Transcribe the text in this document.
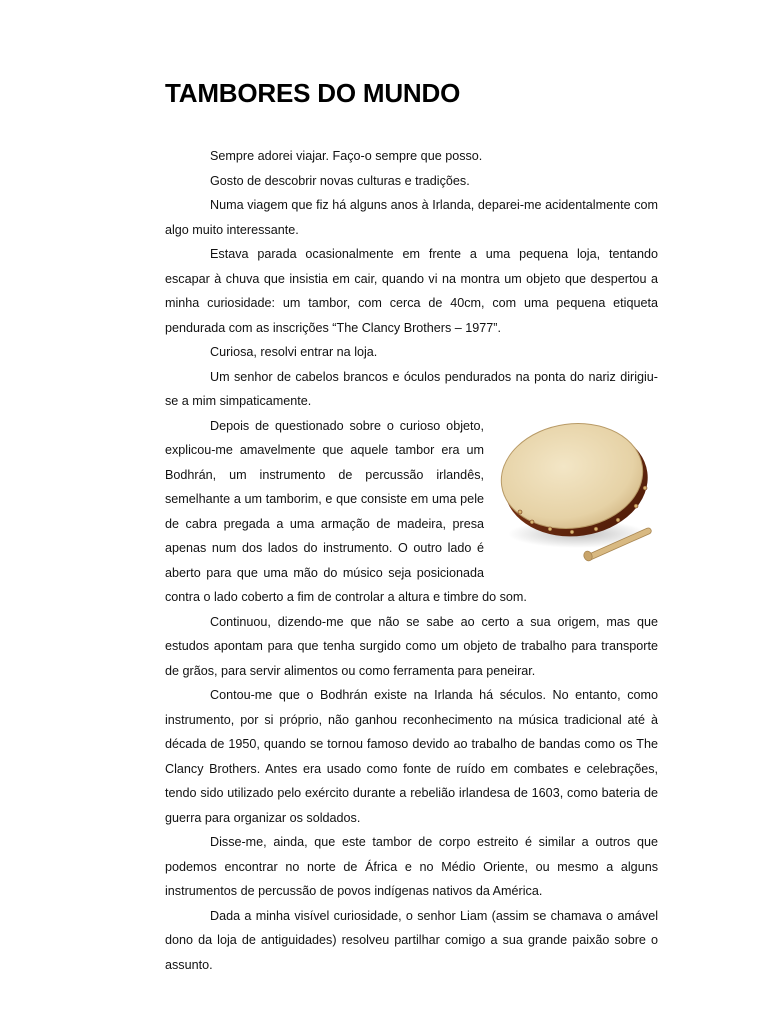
TAMBORES DO MUNDO

Sempre adorei viajar. Faço-o sempre que posso.

Gosto de descobrir novas culturas e tradições.

Numa viagem que fiz há alguns anos à Irlanda, deparei-me acidentalmente com algo muito interessante.

Estava parada ocasionalmente em frente a uma pequena loja, tentando escapar à chuva que insistia em cair, quando vi na montra um objeto que despertou a minha curiosidade: um tambor, com cerca de 40cm, com uma pequena etiqueta pendurada com as inscrições “The Clancy Brothers – 1977”.

Curiosa, resolvi entrar na loja.

Um senhor de cabelos brancos e óculos pendurados na ponta do nariz dirigiu-se a mim simpaticamente.

Depois de questionado sobre o curioso objeto, explicou-me amavelmente que aquele tambor era um Bodhrán, um instrumento de percussão irlandês, semelhante a um tamborim, e que consiste em uma pele de cabra pregada a uma armação de madeira, presa apenas num dos lados do instrumento. O outro lado é aberto para que uma mão do músico seja posicionada contra o lado coberto a fim de controlar a altura e timbre do som.

Continuou, dizendo-me que não se sabe ao certo a sua origem, mas que estudos apontam para que tenha surgido como um objeto de trabalho para transporte de grãos, para servir alimentos ou como ferramenta para peneirar.

Contou-me que o Bodhrán existe na Irlanda há séculos. No entanto, como instrumento, por si próprio, não ganhou reconhecimento na música tradicional até à década de 1950, quando se tornou famoso devido ao trabalho de bandas como os The Clancy Brothers. Antes era usado como fonte de ruído em combates e celebrações, tendo sido utilizado pelo exército durante a rebelião irlandesa de 1603, como bateria de guerra para organizar os soldados.

Disse-me, ainda, que este tambor de corpo estreito é similar a outros que podemos encontrar no norte de África e no Médio Oriente, ou mesmo a alguns instrumentos de percussão de povos indígenas nativos da América.

Dada a minha visível curiosidade, o senhor Liam (assim se chamava o amável dono da loja de antiguidades) resolveu partilhar comigo a sua grande paixão sobre o assunto.
